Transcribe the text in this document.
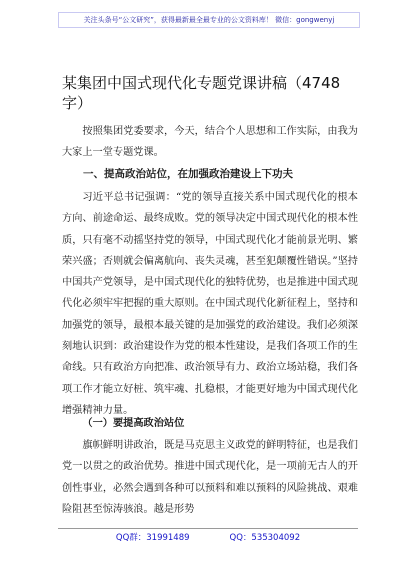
关注头条号“公文研究”，获得最新最全最专业的公文资料库！ 微信：gongwenyj
某集团中国式现代化专题党课讲稿（4748字）

按照集团党委要求，今天，结合个人思想和工作实际，由我为大家上一堂专题党课。

一、提高政治站位，在加强政治建设上下功夫

习近平总书记强调：“党的领导直接关系中国式现代化的根本方向、前途命运、最终成败。党的领导决定中国式现代化的根本性质，只有毫不动摇坚持党的领导，中国式现代化才能前景光明、繁荣兴盛；否则就会偏离航向、丧失灵魂，甚至犯颠覆性错误。”坚持中国共产党领导，是中国式现代化的独特优势，也是推进中国式现代化必须牢牢把握的重大原则。在中国式现代化新征程上，坚持和加强党的领导，最根本最关键的是加强党的政治建设。我们必须深刻地认识到：政治建设作为党的根本性建设，是我们各项工作的生命线。只有政治方向把准、政治领导有力、政治立场站稳，我们各项工作才能立好桩、筑牢魂、扎稳根，才能更好地为中国式现代化增强精神力量。

（一）要提高政治站位

旗帜鲜明讲政治，既是马克思主义政党的鲜明特征，也是我们党一以贯之的政治优势。推进中国式现代化，是一项前无古人的开创性事业，必然会遇到各种可以预料和难以预料的风险挑战、艰难险阻甚至惊涛骇浪。越是形势

QQ群：31991489	QQ：535304092
